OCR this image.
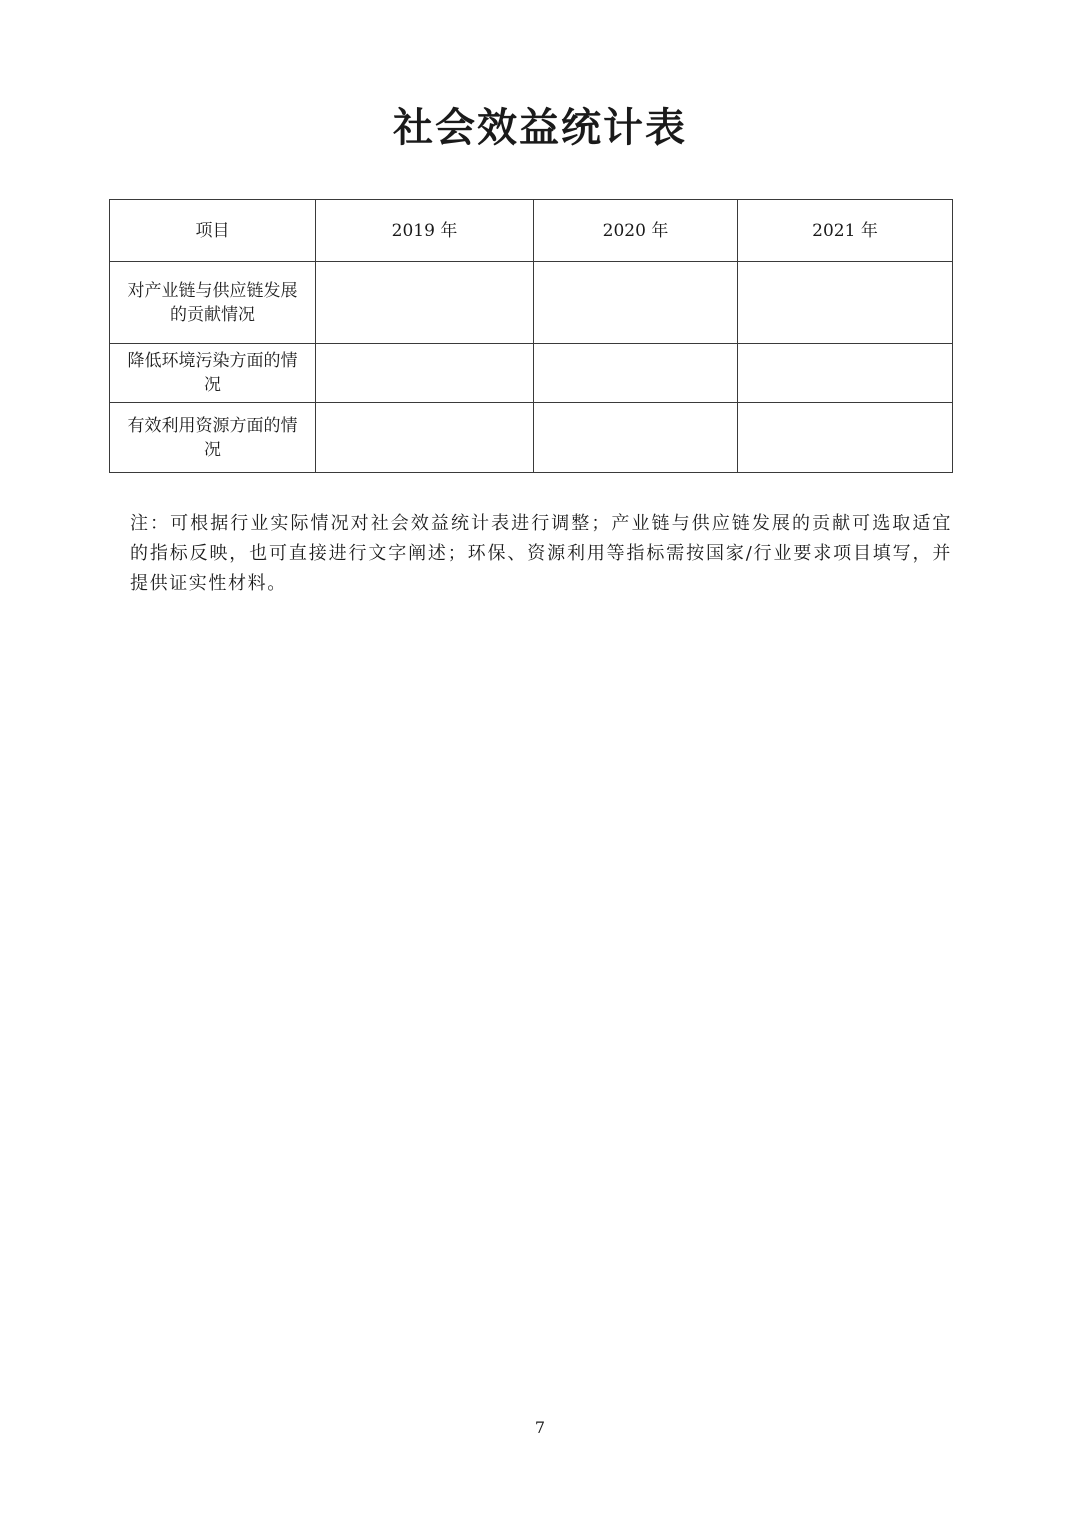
社会效益统计表
项目	2019 年	2020 年	2021 年
对产业链与供应链发展的贡献情况			
降低环境污染方面的情况			
有效利用资源方面的情况			

注：可根据行业实际情况对社会效益统计表进行调整；产业链与供应链发展的贡献可选取适宜的指标反映，也可直接进行文字阐述；环保、资源利用等指标需按国家/行业要求项目填写，并提供证实性材料。

7
